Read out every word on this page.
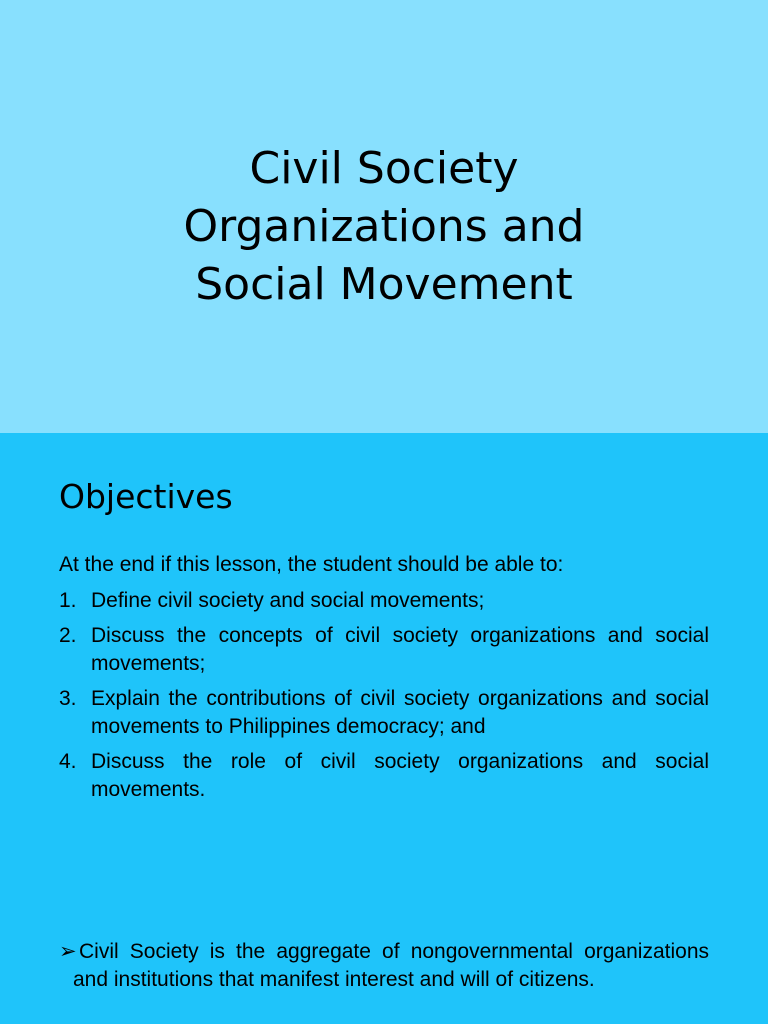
Civil Society
Organizations and
Social Movement
Objectives

At the end if this lesson, the student should be able to:

1. Define civil society and social movements;
2. Discuss the concepts of civil society organizations and social movements;
3. Explain the contributions of civil society organizations and social movements to Philippines democracy; and
4. Discuss the role of civil society organizations and social movements.
➢ Civil Society is the aggregate of nongovernmental organizations and institutions that manifest interest and will of citizens.
